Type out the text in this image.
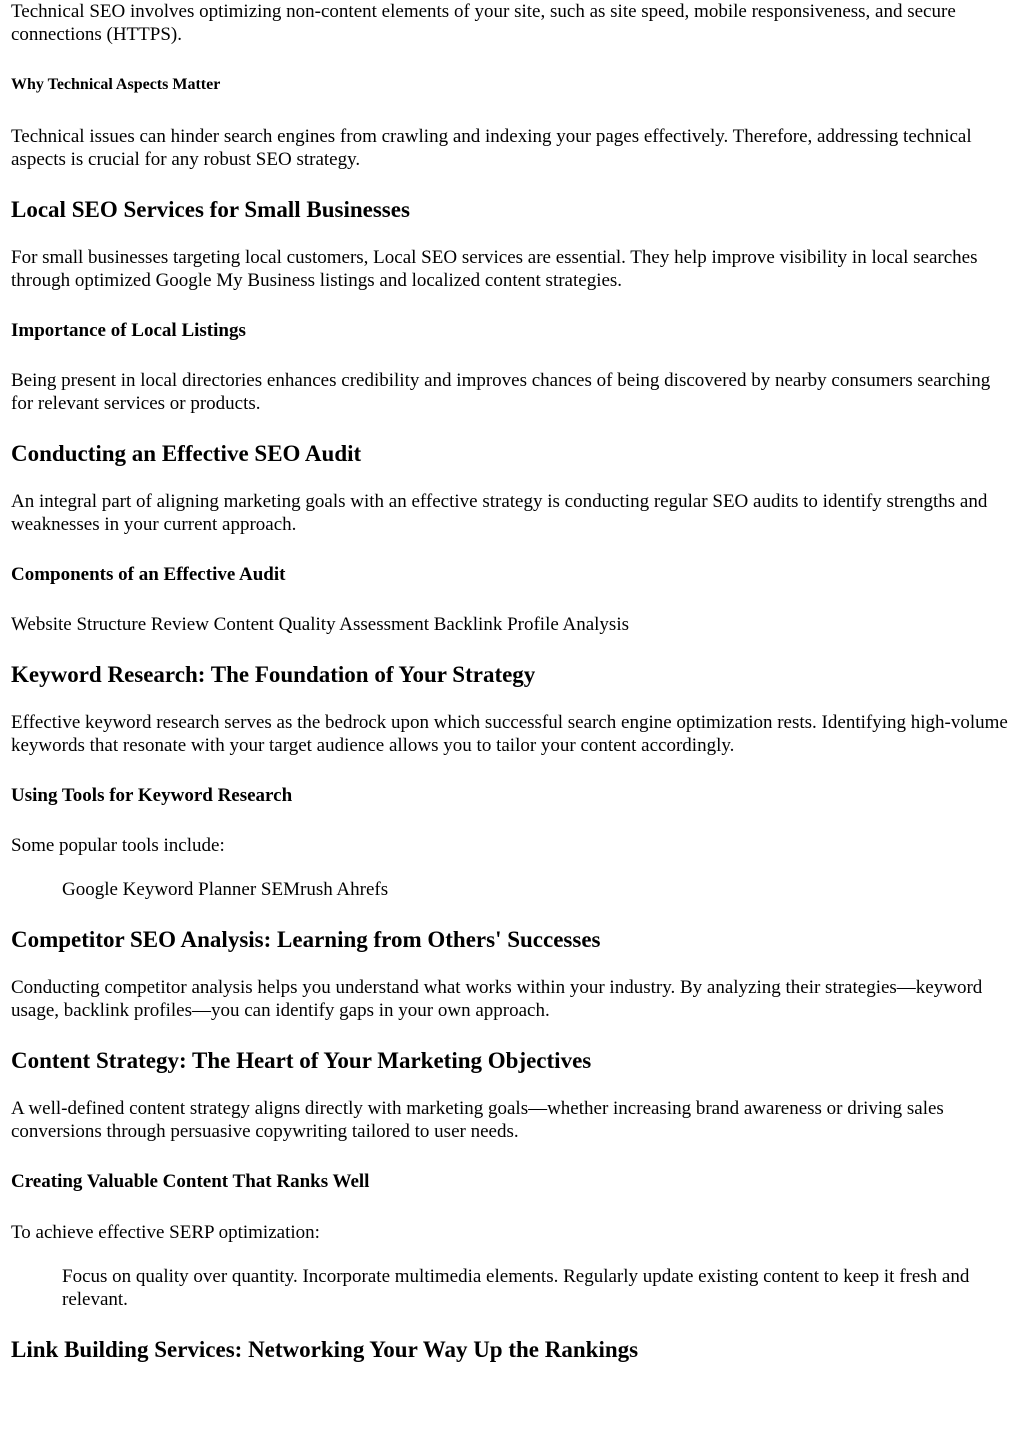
Technical SEO involves optimizing non-content elements of your site, such as site speed, mobile responsiveness, and secure connections (HTTPS).

Why Technical Aspects Matter

Technical issues can hinder search engines from crawling and indexing your pages effectively. Therefore, addressing technical aspects is crucial for any robust SEO strategy.

Local SEO Services for Small Businesses

For small businesses targeting local customers, Local SEO services are essential. They help improve visibility in local searches through optimized Google My Business listings and localized content strategies.

Importance of Local Listings

Being present in local directories enhances credibility and improves chances of being discovered by nearby consumers searching for relevant services or products.

Conducting an Effective SEO Audit

An integral part of aligning marketing goals with an effective strategy is conducting regular SEO audits to identify strengths and weaknesses in your current approach.

Components of an Effective Audit

Website Structure Review Content Quality Assessment Backlink Profile Analysis

Keyword Research: The Foundation of Your Strategy

Effective keyword research serves as the bedrock upon which successful search engine optimization rests. Identifying high-volume keywords that resonate with your target audience allows you to tailor your content accordingly.

Using Tools for Keyword Research

Some popular tools include:

Google Keyword Planner SEMrush Ahrefs

Competitor SEO Analysis: Learning from Others' Successes

Conducting competitor analysis helps you understand what works within your industry. By analyzing their strategies—keyword usage, backlink profiles—you can identify gaps in your own approach.

Content Strategy: The Heart of Your Marketing Objectives

A well-defined content strategy aligns directly with marketing goals—whether increasing brand awareness or driving sales conversions through persuasive copywriting tailored to user needs.

Creating Valuable Content That Ranks Well

To achieve effective SERP optimization:

Focus on quality over quantity. Incorporate multimedia elements. Regularly update existing content to keep it fresh and relevant.

Link Building Services: Networking Your Way Up the Rankings
